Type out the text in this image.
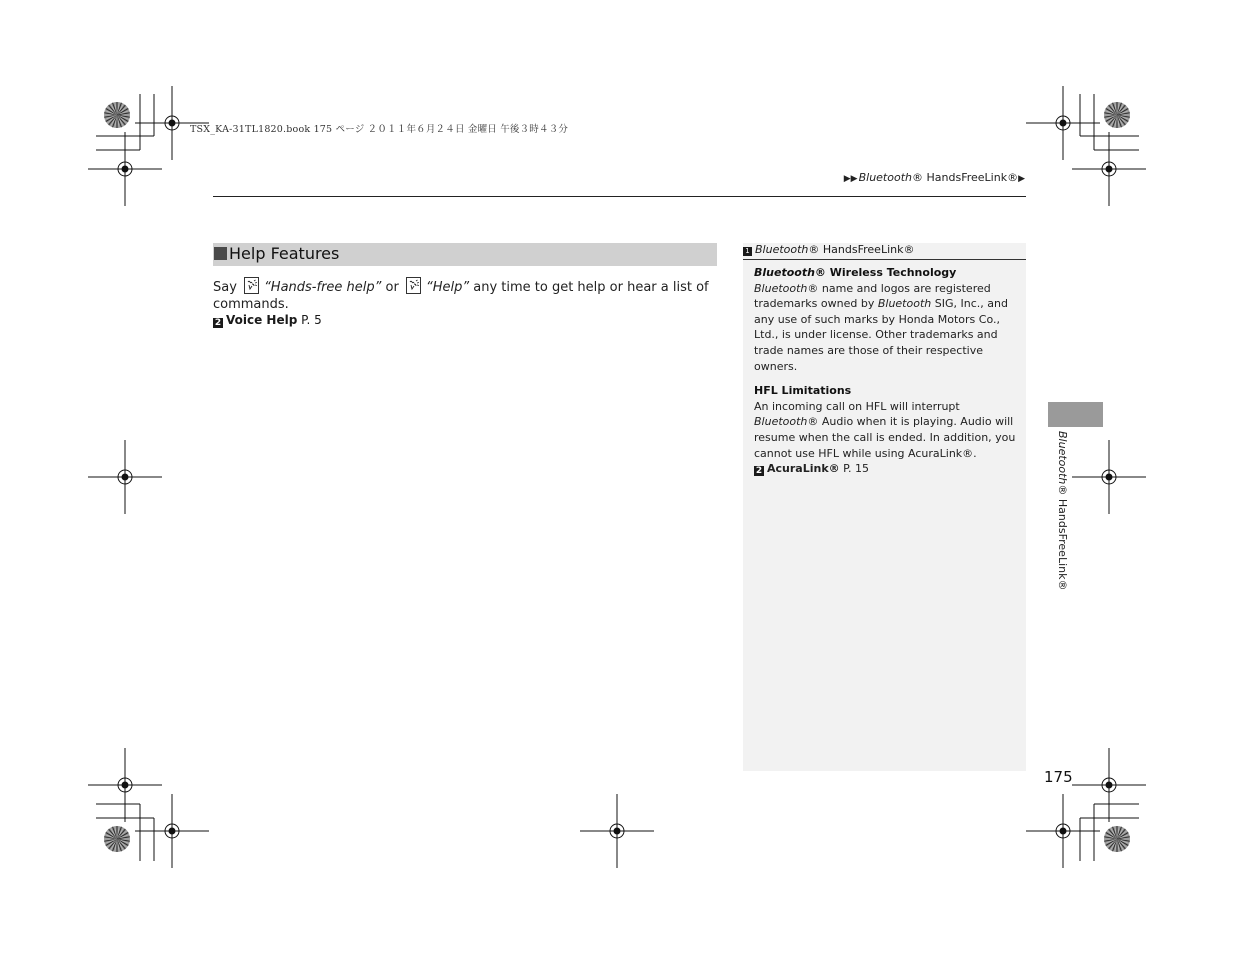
TSX_KA-31TL1820.book 175 ページ ２０１１年６月２４日 金曜日 午後３時４３分
▶▶Bluetooth® HandsFreeLink®▶
Help Features
Say “Hands-free help” or “Help” any time to get help or hear a list of commands.
2 Voice Help P. 5
1 Bluetooth® HandsFreeLink®

Bluetooth® Wireless Technology

Bluetooth® name and logos are registered trademarks owned by Bluetooth SIG, Inc., and any use of such marks by Honda Motors Co., Ltd., is under license. Other trademarks and trade names are those of their respective owners.

HFL Limitations

An incoming call on HFL will interrupt Bluetooth® Audio when it is playing. Audio will resume when the call is ended. In addition, you cannot use HFL while using AcuraLink®.

2 AcuraLink® P. 15	Bluetooth® HandsFreeLink®
175
